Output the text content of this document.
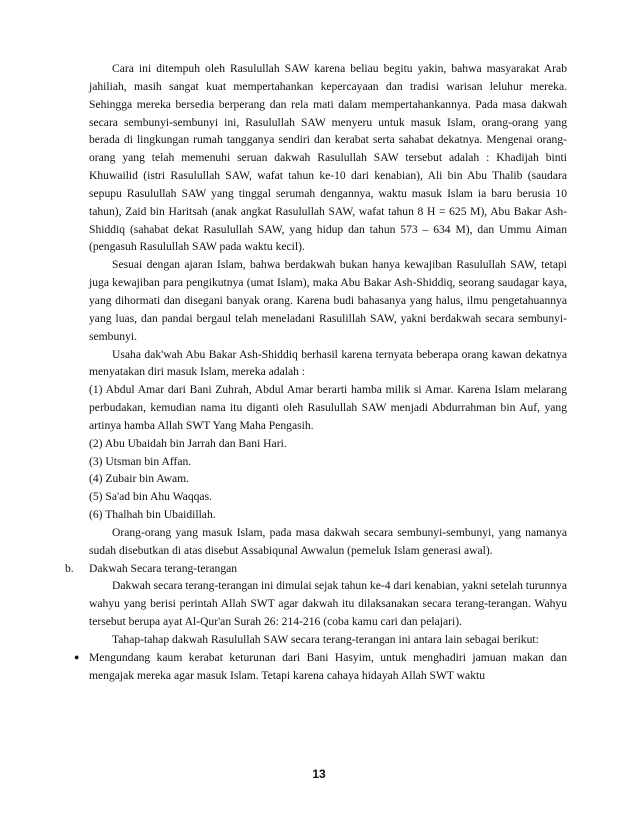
Cara ini ditempuh oleh Rasulullah SAW karena beliau begitu yakin, bahwa masyarakat Arab jahiliah, masih sangat kuat mempertahankan kepercayaan dan tradisi warisan leluhur mereka. Sehingga mereka bersedia berperang dan rela mati dalam mempertahankannya. Pada masa dakwah secara sembunyi-sembunyi ini, Rasulullah SAW menyeru untuk masuk Islam, orang-orang yang berada di lingkungan rumah tangganya sendiri dan kerabat serta sahabat dekatnya. Mengenai orang-orang yang telah memenuhi seruan dakwah Rasulullah SAW tersebut adalah : Khadijah binti Khuwailid (istri Rasulullah SAW, wafat tahun ke-10 dari kenabian), Ali bin Abu Thalib (saudara sepupu Rasulullah SAW yang tinggal serumah dengannya, waktu masuk Islam ia baru berusia 10 tahun), Zaid bin Haritsah (anak angkat Rasulullah SAW, wafat tahun 8 H = 625 M), Abu Bakar Ash-Shiddiq (sahabat dekat Rasulullah SAW, yang hidup dan tahun 573 – 634 M), dan Ummu Aiman (pengasuh Rasulullah SAW pada waktu kecil).

Sesuai dengan ajaran Islam, bahwa berdakwah bukan hanya kewajiban Rasulullah SAW, tetapi juga kewajiban para pengikutnya (umat Islam), maka Abu Bakar Ash-Shiddiq, seorang saudagar kaya, yang dihormati dan disegani banyak orang. Karena budi bahasanya yang halus, ilmu pengetahuannya yang luas, dan pandai bergaul telah meneladani Rasulillah SAW, yakni berdakwah secara sembunyi-sembunyi.

Usaha dak'wah Abu Bakar Ash-Shiddiq berhasil karena ternyata beberapa orang kawan dekatnya menyatakan diri masuk Islam, mereka adalah :

(1) Abdul Amar dari Bani Zuhrah, Abdul Amar berarti hamba milik si Amar. Karena Islam melarang perbudakan, kemudian nama itu diganti oleh Rasulullah SAW menjadi Abdurrahman bin Auf, yang artinya hamba Allah SWT Yang Maha Pengasih.

(2) Abu Ubaidah bin Jarrah dan Bani Hari.

(3) Utsman bin Affan.

(4) Zubair bin Awam.

(5) Sa'ad bin Ahu Waqqas.

(6) Thalhah bin Ubaidillah.

Orang-orang yang masuk Islam, pada masa dakwah secara sembunyi-sembunyi, yang namanya sudah disebutkan di atas disebut Assabiqunal Awwalun (pemeluk Islam generasi awal).

b. Dakwah Secara terang-terangan

Dakwah secara terang-terangan ini dimulai sejak tahun ke-4 dari kenabian, yakni setelah turunnya wahyu yang berisi perintah Allah SWT agar dakwah itu dilaksanakan secara terang-terangan. Wahyu tersebut berupa ayat Al-Qur'an Surah 26: 214-216 (coba kamu cari dan pelajari).

Tahap-tahap dakwah Rasulullah SAW secara terang-terangan ini antara lain sebagai berikut:

● Mengundang kaum kerabat keturunan dari Bani Hasyim, untuk menghadiri jamuan makan dan mengajak mereka agar masuk Islam. Tetapi karena cahaya hidayah Allah SWT waktu

13
